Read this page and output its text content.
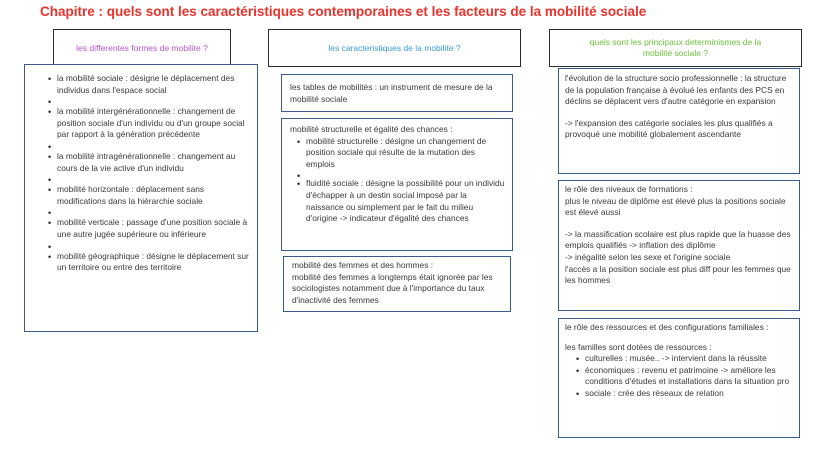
Chapitre : quels sont les caractéristiques contemporaines et les facteurs de la mobilité sociale
les differentes formes de mobilite ?
• la mobilité sociale : désigne le déplacement des individus dans l'espace social
•
• la mobilité intergénérationnelle : changement de position sociale d'un individu ou d'un groupe social par rapport à la génération précédente
•
• la mobilité intragénérationnelle : changement au cours de la vie active d'un individu
•
• mobilité horizontale : déplacement sans modifications dans la hiérarchie sociale
•
• mobilité verticale : passage d'une position sociale à une autre jugée supérieure ou inférieure
•
• mobilité géographique : désigne le déplacement sur un territoire ou entre des territoire
les caracteristiques de la mobilite ?

les tables de mobilités : un instrument de mesure de la mobilité sociale

mobilité structurelle et égalité des chances :

• mobilité structurelle : désigne un changement de position sociale qui résulte de la mutation des emplois
•
• fluidité sociale : désigne la possibilité pour un individu d'échapper à un destin social imposé par la naissance ou simplement par le fait du milieu d'origine -> indicateur d'égalité des chances

mobilité des femmes et des hommes :

mobilité des femmes a longtemps était ignorée par les sociologistes notamment due à l'importance du taux d'inactivité des femmes

quels sont les principaux determinismes de la mobilité sociale ?

l'évolution de la structure socio professionnelle : la structure de la population française à évolué les enfants des PCS en déclins se déplacent vers d'autre catégorie en expansion

-> l'expansion des catégorie sociales les plus qualifiés a provoqué une mobilité globalement ascendante

le rôle des niveaux de formations :

plus le niveau de diplôme est élevé plus la positions sociale est élevé aussi

-> la massification scolaire est plus rapide que la huasse des emplois qualifiés -> inflation des diplôme

-> inégalité selon les sexe et l'origine sociale

l'accès a la position sociale est plus diff pour les femmes que les hommes

le rôle des ressources et des configurations familiales :

les familles sont dotées de ressources :

• culturelles : musée.. -> intervient dans la réussite
• économiques : revenu et patrimoine -> améliore les conditions d'études et installations dans la situation pro
• sociale : crée des réseaux de relation
